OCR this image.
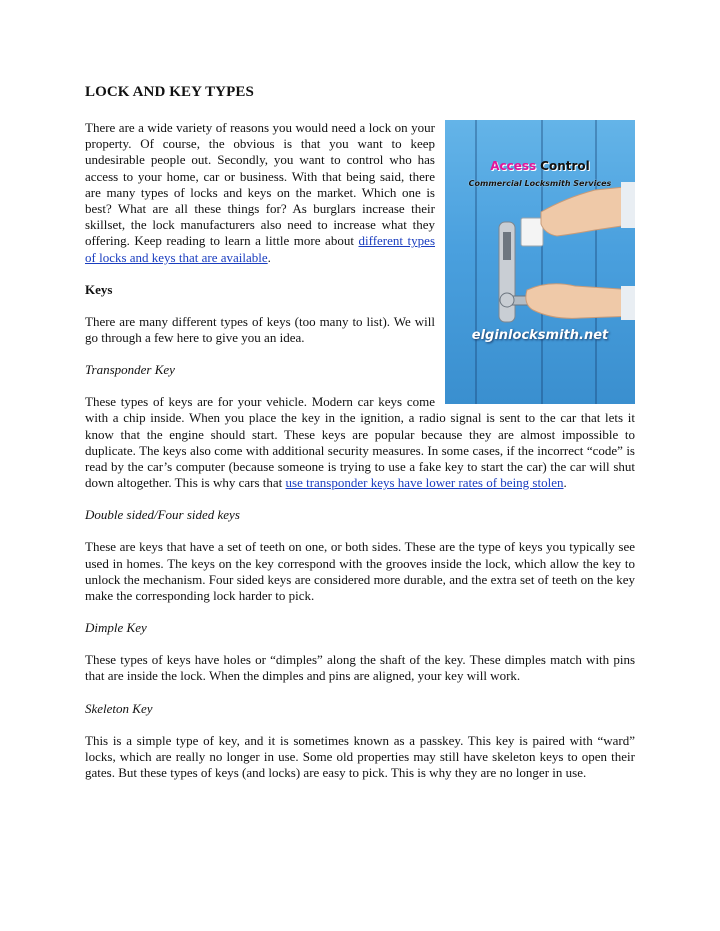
LOCK AND KEY TYPES
Access Control
Commercial Locksmith Services
elginlocksmith.net

There are a wide variety of reasons you would need a lock on your property. Of course, the obvious is that you want to keep undesirable people out. Secondly, you want to control who has access to your home, car or business. With that being said, there are many types of locks and keys on the market. Which one is best? What are all these things for? As burglars increase their skillset, the lock manufacturers also need to increase what they offering. Keep reading to learn a little more about different types of locks and keys that are available.

Keys

There are many different types of keys (too many to list). We will go through a few here to give you an idea.

Transponder Key

These types of keys are for your vehicle. Modern car keys come with a chip inside. When you place the key in the ignition, a radio signal is sent to the car that lets it know that the engine should start. These keys are popular because they are almost impossible to duplicate. The keys also come with additional security measures. In some cases, if the incorrect “code” is read by the car’s computer (because someone is trying to use a fake key to start the car) the car will shut down altogether. This is why cars that use transponder keys have lower rates of being stolen.

Double sided/Four sided keys

These are keys that have a set of teeth on one, or both sides. These are the type of keys you typically see used in homes. The keys on the key correspond with the grooves inside the lock, which allow the key to unlock the mechanism. Four sided keys are considered more durable, and the extra set of teeth on the key make the corresponding lock harder to pick.

Dimple Key

These types of keys have holes or “dimples” along the shaft of the key. These dimples match with pins that are inside the lock. When the dimples and pins are aligned, your key will work.

Skeleton Key

This is a simple type of key, and it is sometimes known as a passkey. This key is paired with “ward” locks, which are really no longer in use. Some old properties may still have skeleton keys to open their gates. But these types of keys (and locks) are easy to pick. This is why they are no longer in use.
